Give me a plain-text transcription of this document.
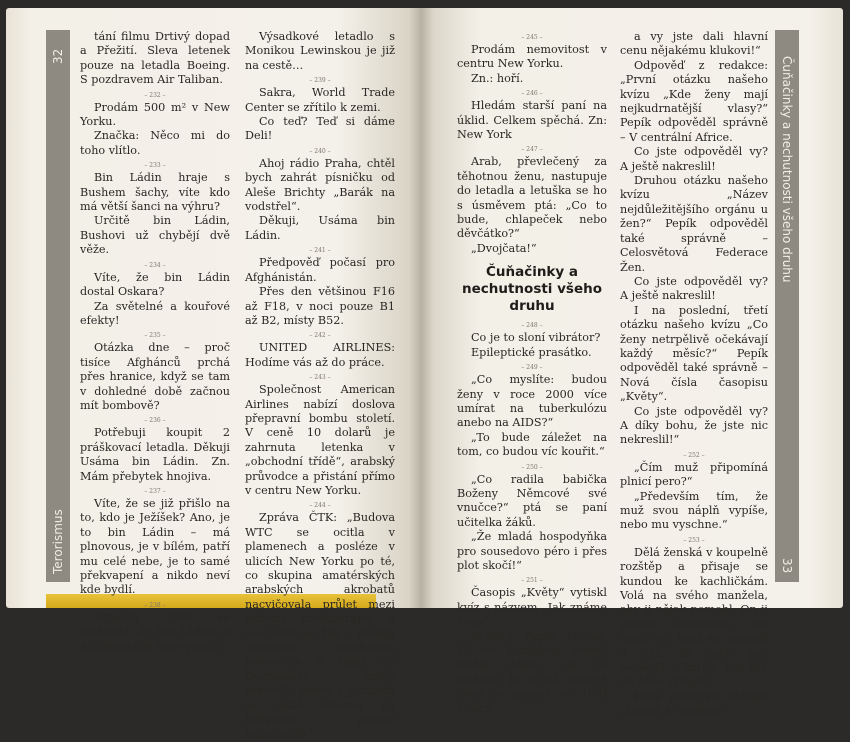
32
Terorismus
Čuňačinky a nechutnosti všeho druhu
33

tání filmu Drtivý dopad a Přežití. Sleva letenek pouze na letadla Boeing. S pozdravem Air Taliban.

– 232 –

Prodám 500 m² v New Yorku.

Značka: Něco mi do toho vlítlo.

– 233 –

Bin Ládin hraje s Bushem šachy, víte kdo má větší šanci na výhru?

Určitě bin Ládin, Bushovi už chybějí dvě věže.

– 234 –

Víte, že bin Ládin dostal Oskara?

Za světelné a kouřové efekty!

– 235 –

Otázka dne – proč tisíce Afghánců prchá přes hranice, když se tam v dohledné době začnou mít bombově?

– 236 –

Potřebuji koupit 2 práškovací letadla. Děkuji Usáma bin Ládin. Zn. Mám přebytek hnojiva.

– 237 –

Víte, že se již přišlo na to, kdo je Ježíšek? Ano, je to bin Ládin – má plnovous, je v bílém, patří mu celé nebe, je to samé překvapení a nikdo neví kde bydlí.

– 238 –

Armáda USA se rozhodla, že bin Ládina z Afghánských hor vykouří.

Výsadkové letadlo s Monikou Lewinskou je již na cestě…

– 239 –

Sakra, World Trade Center se zřítilo k zemi.

Co teď? Teď si dáme Deli!

– 240 –

Ahoj rádio Praha, chtěl bych zahrát písničku od Aleše Brichty „Barák na vodstřel“.

Děkuji, Usáma bin Ládin.

– 241 –

Předpověď počasí pro Afghánistán.

Přes den většinou F16 až F18, v noci pouze B1 až B2, místy B52.

– 242 –

UNITED AIRLINES: Hodíme vás až do práce.

– 243 –

Společnost American Airlines nabízí doslova přepravní bombu století. V ceně 10 dolarů je zahrnuta letenka v „obchodní třídě“, arabský průvodce a přistání přímo v centru New Yorku.

– 244 –

Zpráva ČTK: „Budova WTC se ocitla v plamenech a posléze v ulicích New Yorku po té, co skupina amatérských arabských akrobatů nacvičovala průlet mezi věžemi mrakodrapů a souběžně se tak s dalším arabským akrobatem pokoušela o zápis do Guinessovy knihy rekordů, neboť s Jumbem se ještě nikomu na heliportu přistát nepodařilo.“

– 245 –

Prodám nemovitost v centru New Yorku.

Zn.: hoří.

– 246 –

Hledám starší paní na úklid. Celkem spěchá. Zn: New York

– 247 –

Arab, převlečený za těhotnou ženu, nastupuje do letadla a letuška se ho s úsměvem ptá: „Co to bude, chlapeček nebo děvčátko?“

„Dvojčata!“

Čuňačinky a nechutnosti všeho druhu
– 248 –

Co je to sloní vibrátor?

Epileptické prasátko.

– 249 –

„Co myslíte: budou ženy v roce 2000 více umírat na tuberkulózu anebo na AIDS?“

„To bude záležet na tom, co budou víc kouřit.“

– 250 –

„Co radila babička Boženy Němcové své vnučce?“ ptá se paní učitelka žáků.

„Že mladá hospodyňka pro sousedovo péro i přes plot skočí!“

– 251 –

Časopis „Květy“ vytiskl kvíz s názvem „Jak známe ženy“.

Zvítězil Pepík Novák, 10 let. Rozčilený čtenář zaslal dopis: „Je to směšné! Je mi 65, poprvé jsem je poznal ve 12-ti letech,

a vy jste dali hlavní cenu nějakému klukovi!“

Odpověď z redakce: „První otázku našeho kvízu „Kde ženy mají nejkudrnatější vlasy?“ Pepík odpověděl správně – V centrální Africe.

Co jste odpověděl vy? A ještě nakreslil!

Druhou otázku našeho kvízu „Název nejdůležitějšího orgánu u žen?“ Pepík odpověděl také správně – Celosvětová Federace Žen.

Co jste odpověděl vy? A ještě nakreslil!

I na poslední, třetí otázku našeho kvízu „Co ženy netrpělivě očekávají každý měsíc?“ Pepík odpověděl také správně – Nová čísla časopisu „Květy“.

Co jste odpověděl vy? A díky bohu, že jste nic nekreslil!“

– 252 –

„Čím muž připomíná plnicí pero?“

„Především tím, že muž svou náplň vypíše, nebo mu vyschne.“

– 253 –

Dělá ženská v koupelně rozštěp a přisaje se kundou ke kachličkám. Volá na svého manžela, aby ji nějak pomohl. On ji zkouší odtrhnout, ale nejde to. Muž se zamyslí a říká, že dojde pro souseda – kutila, ten prý už něco vymyslí.

Kutil přemýšlí nahlas: „Jediné ji obsekat!“
